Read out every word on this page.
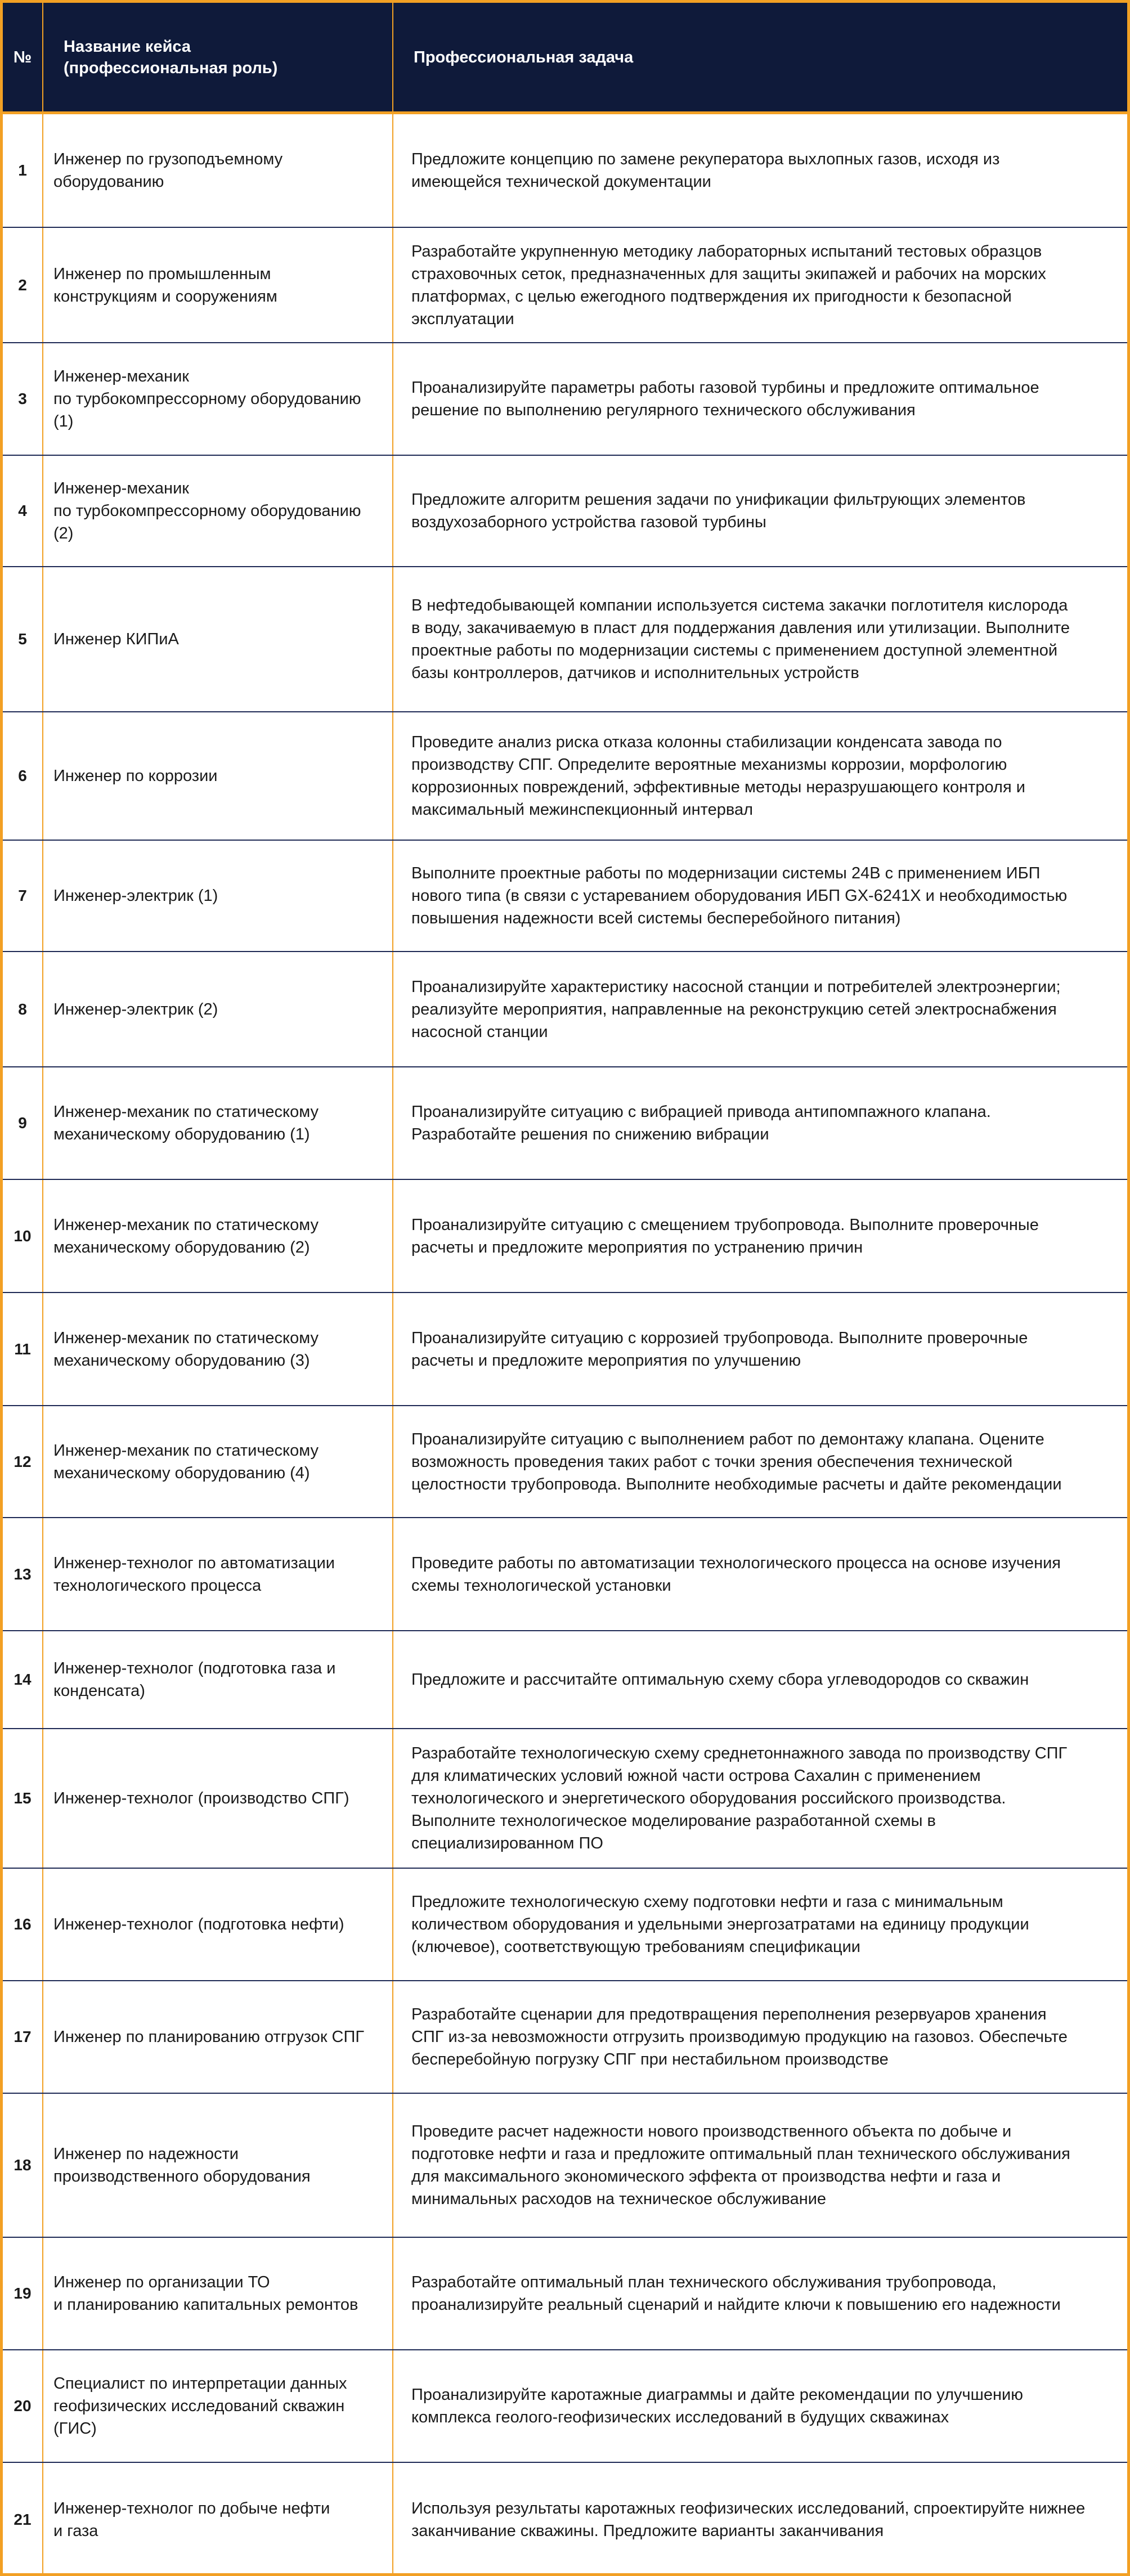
№
Название кейса
(профессиональная роль)
Профессиональная задача
1
Инженер по грузоподъемному
оборудованию
Предложите концепцию по замене рекуператора выхлопных газов, исходя из
имеющейся технической документации
2
Инженер по промышленным
конструкциям и сооружениям
Разработайте укрупненную методику лабораторных испытаний тестовых образцов
страховочных сеток, предназначенных для защиты экипажей и рабочих на морских
платформах, с целью ежегодного подтверждения их пригодности к безопасной
эксплуатации
3
Инженер-механик
по турбокомпрессорному оборудованию
(1)
Проанализируйте параметры работы газовой турбины и предложите оптимальное
решение по выполнению регулярного технического обслуживания
4
Инженер-механик
по турбокомпрессорному оборудованию
(2)
Предложите алгоритм решения задачи по унификации фильтрующих элементов
воздухозаборного устройства газовой турбины
5 Инженер КИПиА
В нефтедобывающей компании используется система закачки поглотителя кислорода
в воду, закачиваемую в пласт для поддержания давления или утилизации. Выполните
проектные работы по модернизации системы с применением доступной элементной
базы контроллеров, датчиков и исполнительных устройств
6 Инженер по коррозии
Проведите анализ риска отказа колонны стабилизации конденсата завода по
производству СПГ. Определите вероятные механизмы коррозии, морфологию
коррозионных повреждений, эффективные методы неразрушающего контроля и
максимальный межинспекционный интервал
7 Инженер-электрик (1)
Выполните проектные работы по модернизации системы 24В с применением ИБП
нового типа (в связи с устареванием оборудования ИБП GX-6241X и необходимостью
повышения надежности всей системы бесперебойного питания)
8 Инженер-электрик (2)
Проанализируйте характеристику насосной станции и потребителей электроэнергии;
реализуйте мероприятия, направленные на реконструкцию сетей электроснабжения
насосной станции
9
Инженер-механик по статическому
механическому оборудованию (1)
Проанализируйте ситуацию с вибрацией привода антипомпажного клапана.
Разработайте решения по снижению вибрации
10
Инженер-механик по статическому
механическому оборудованию (2)
Проанализируйте ситуацию с смещением трубопровода. Выполните проверочные
расчеты и предложите мероприятия по устранению причин
11
Инженер-механик по статическому
механическому оборудованию (3)
Проанализируйте ситуацию с коррозией трубопровода. Выполните проверочные
расчеты и предложите мероприятия по улучшению
12
Инженер-механик по статическому
механическому оборудованию (4)
Проанализируйте ситуацию с выполнением работ по демонтажу клапана. Оцените
возможность проведения таких работ с точки зрения обеспечения технической
целостности трубопровода. Выполните необходимые расчеты и дайте рекомендации
13
Инженер-технолог по автоматизации
технологического процесса
Проведите работы по автоматизации технологического процесса на основе изучения
схемы технологической установки
14
Инженер-технолог (подготовка газа и
конденсата)
Предложите и рассчитайте оптимальную схему сбора углеводородов со скважин
15 Инженер-технолог (производство СПГ)
Разработайте технологическую схему среднетоннажного завода по производству СПГ
для климатических условий южной части острова Сахалин с применением
технологического и энергетического оборудования российского производства.
Выполните технологическое моделирование разработанной схемы в
специализированном ПО
16 Инженер-технолог (подготовка нефти)
Предложите технологическую схему подготовки нефти и газа с минимальным
количеством оборудования и удельными энергозатратами на единицу продукции
(ключевое), соответствующую требованиям спецификации
17 Инженер по планированию отгрузок СПГ
Разработайте сценарии для предотвращения переполнения резервуаров хранения
СПГ из-за невозможности отгрузить производимую продукцию на газовоз. Обеспечьте
бесперебойную погрузку СПГ при нестабильном производстве
18
Инженер по надежности
производственного оборудования
Проведите расчет надежности нового производственного объекта по добыче и
подготовке нефти и газа и предложите оптимальный план технического обслуживания
для максимального экономического эффекта от производства нефти и газа и
минимальных расходов на техническое обслуживание
19
Инженер по организации ТО
и планированию капитальных ремонтов
Разработайте оптимальный план технического обслуживания трубопровода,
проанализируйте реальный сценарий и найдите ключи к повышению его надежности
20
Специалист по интерпретации данных
геофизических исследований скважин
(ГИС)
Проанализируйте каротажные диаграммы и дайте рекомендации по улучшению
комплекса геолого-геофизических исследований в будущих скважинах
21
Инженер-технолог по добыче нефти
и газа
Используя результаты каротажных геофизических исследований, спроектируйте нижнее
заканчивание скважины. Предложите варианты заканчивания
